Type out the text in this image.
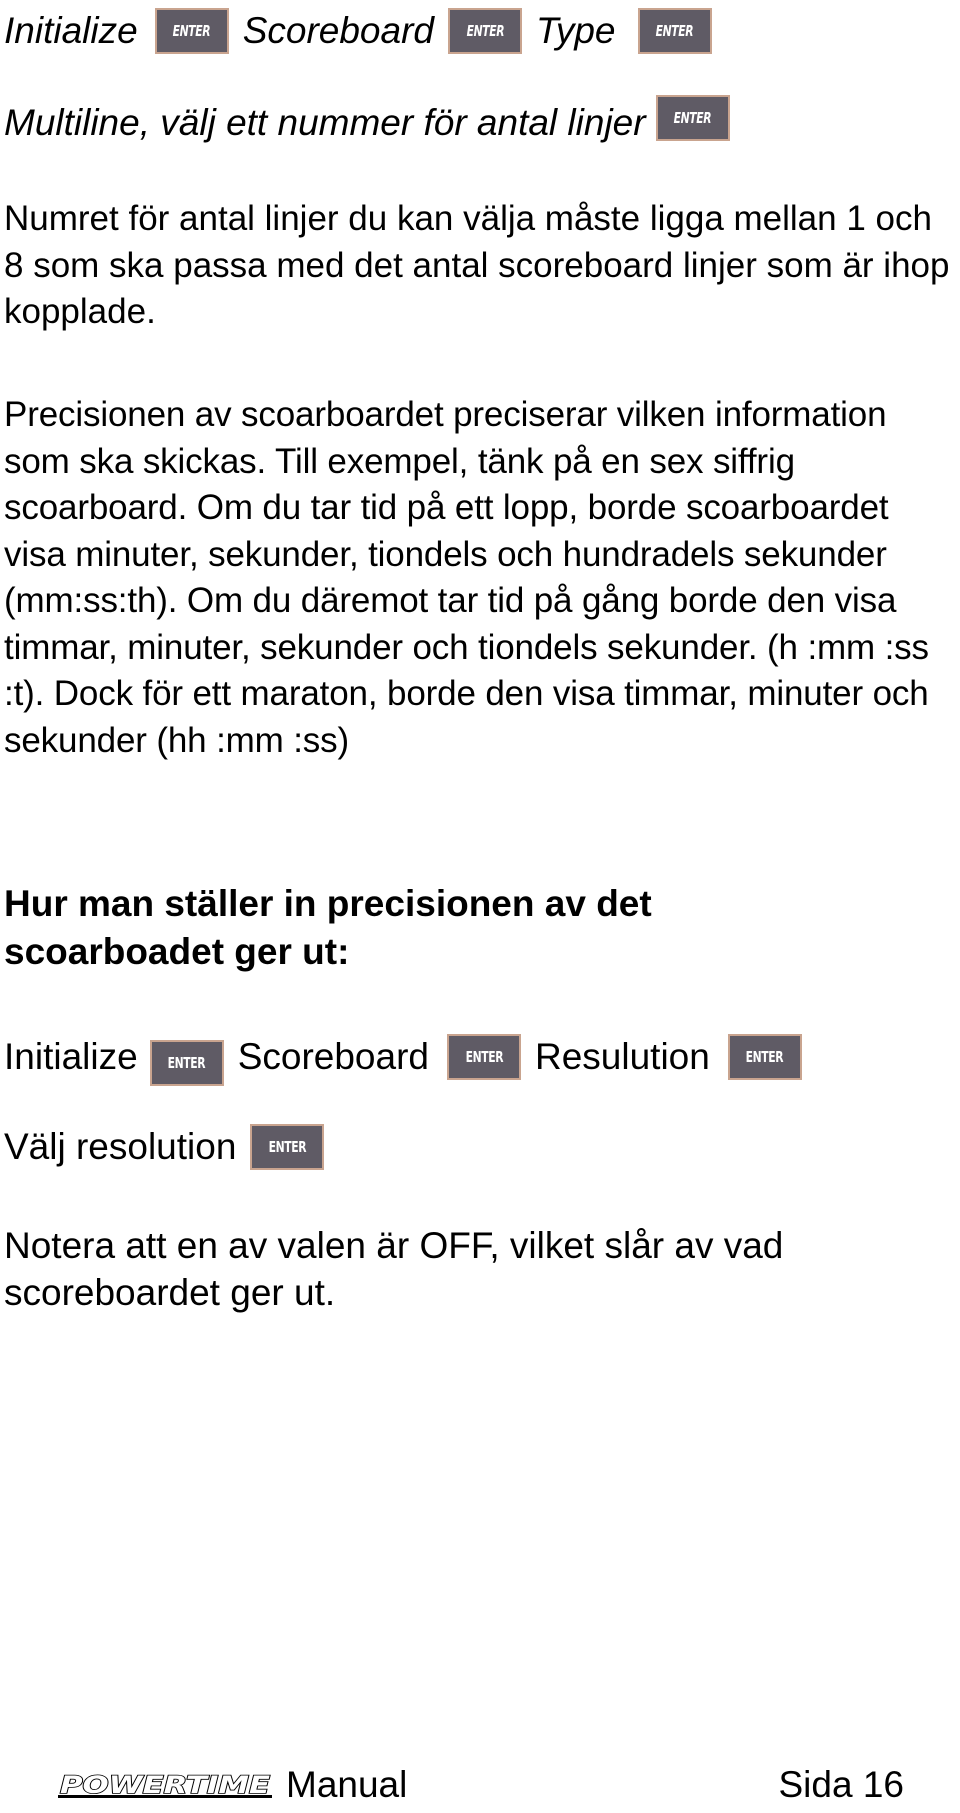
Initialize ENTER Scoreboard ENTER Type	ENTER
Multiline, välj ett nummer för antal linjer ENTER

Numret för antal linjer du kan välja måste ligga mellan 1 och 8 som ska passa med det antal scoreboard linjer som är ihop kopplade.

Precisionen av scoarboardet preciserar vilken information som ska skickas. Till exempel, tänk på en sex siffrig scoarboard. Om du tar tid på ett lopp, borde scoarboardet visa minuter, sekunder, tiondels och hundradels sekunder (mm:ss:th). Om du däremot tar tid på gång borde den visa timmar, minuter, sekunder och tiondels sekunder. (h :mm :ss :t). Dock för ett maraton, borde den visa timmar, minuter och sekunder (hh :mm :ss)

Hur man ställer in precisionen av det scoarboadet ger ut:
Initialize ENTER Scoreboard ENTER Resulution ENTER
Välj resolution ENTER

Notera att en av valen är OFF, vilket slår av vad scoreboardet ger ut.

POWERTIME Manual	Sida 16
